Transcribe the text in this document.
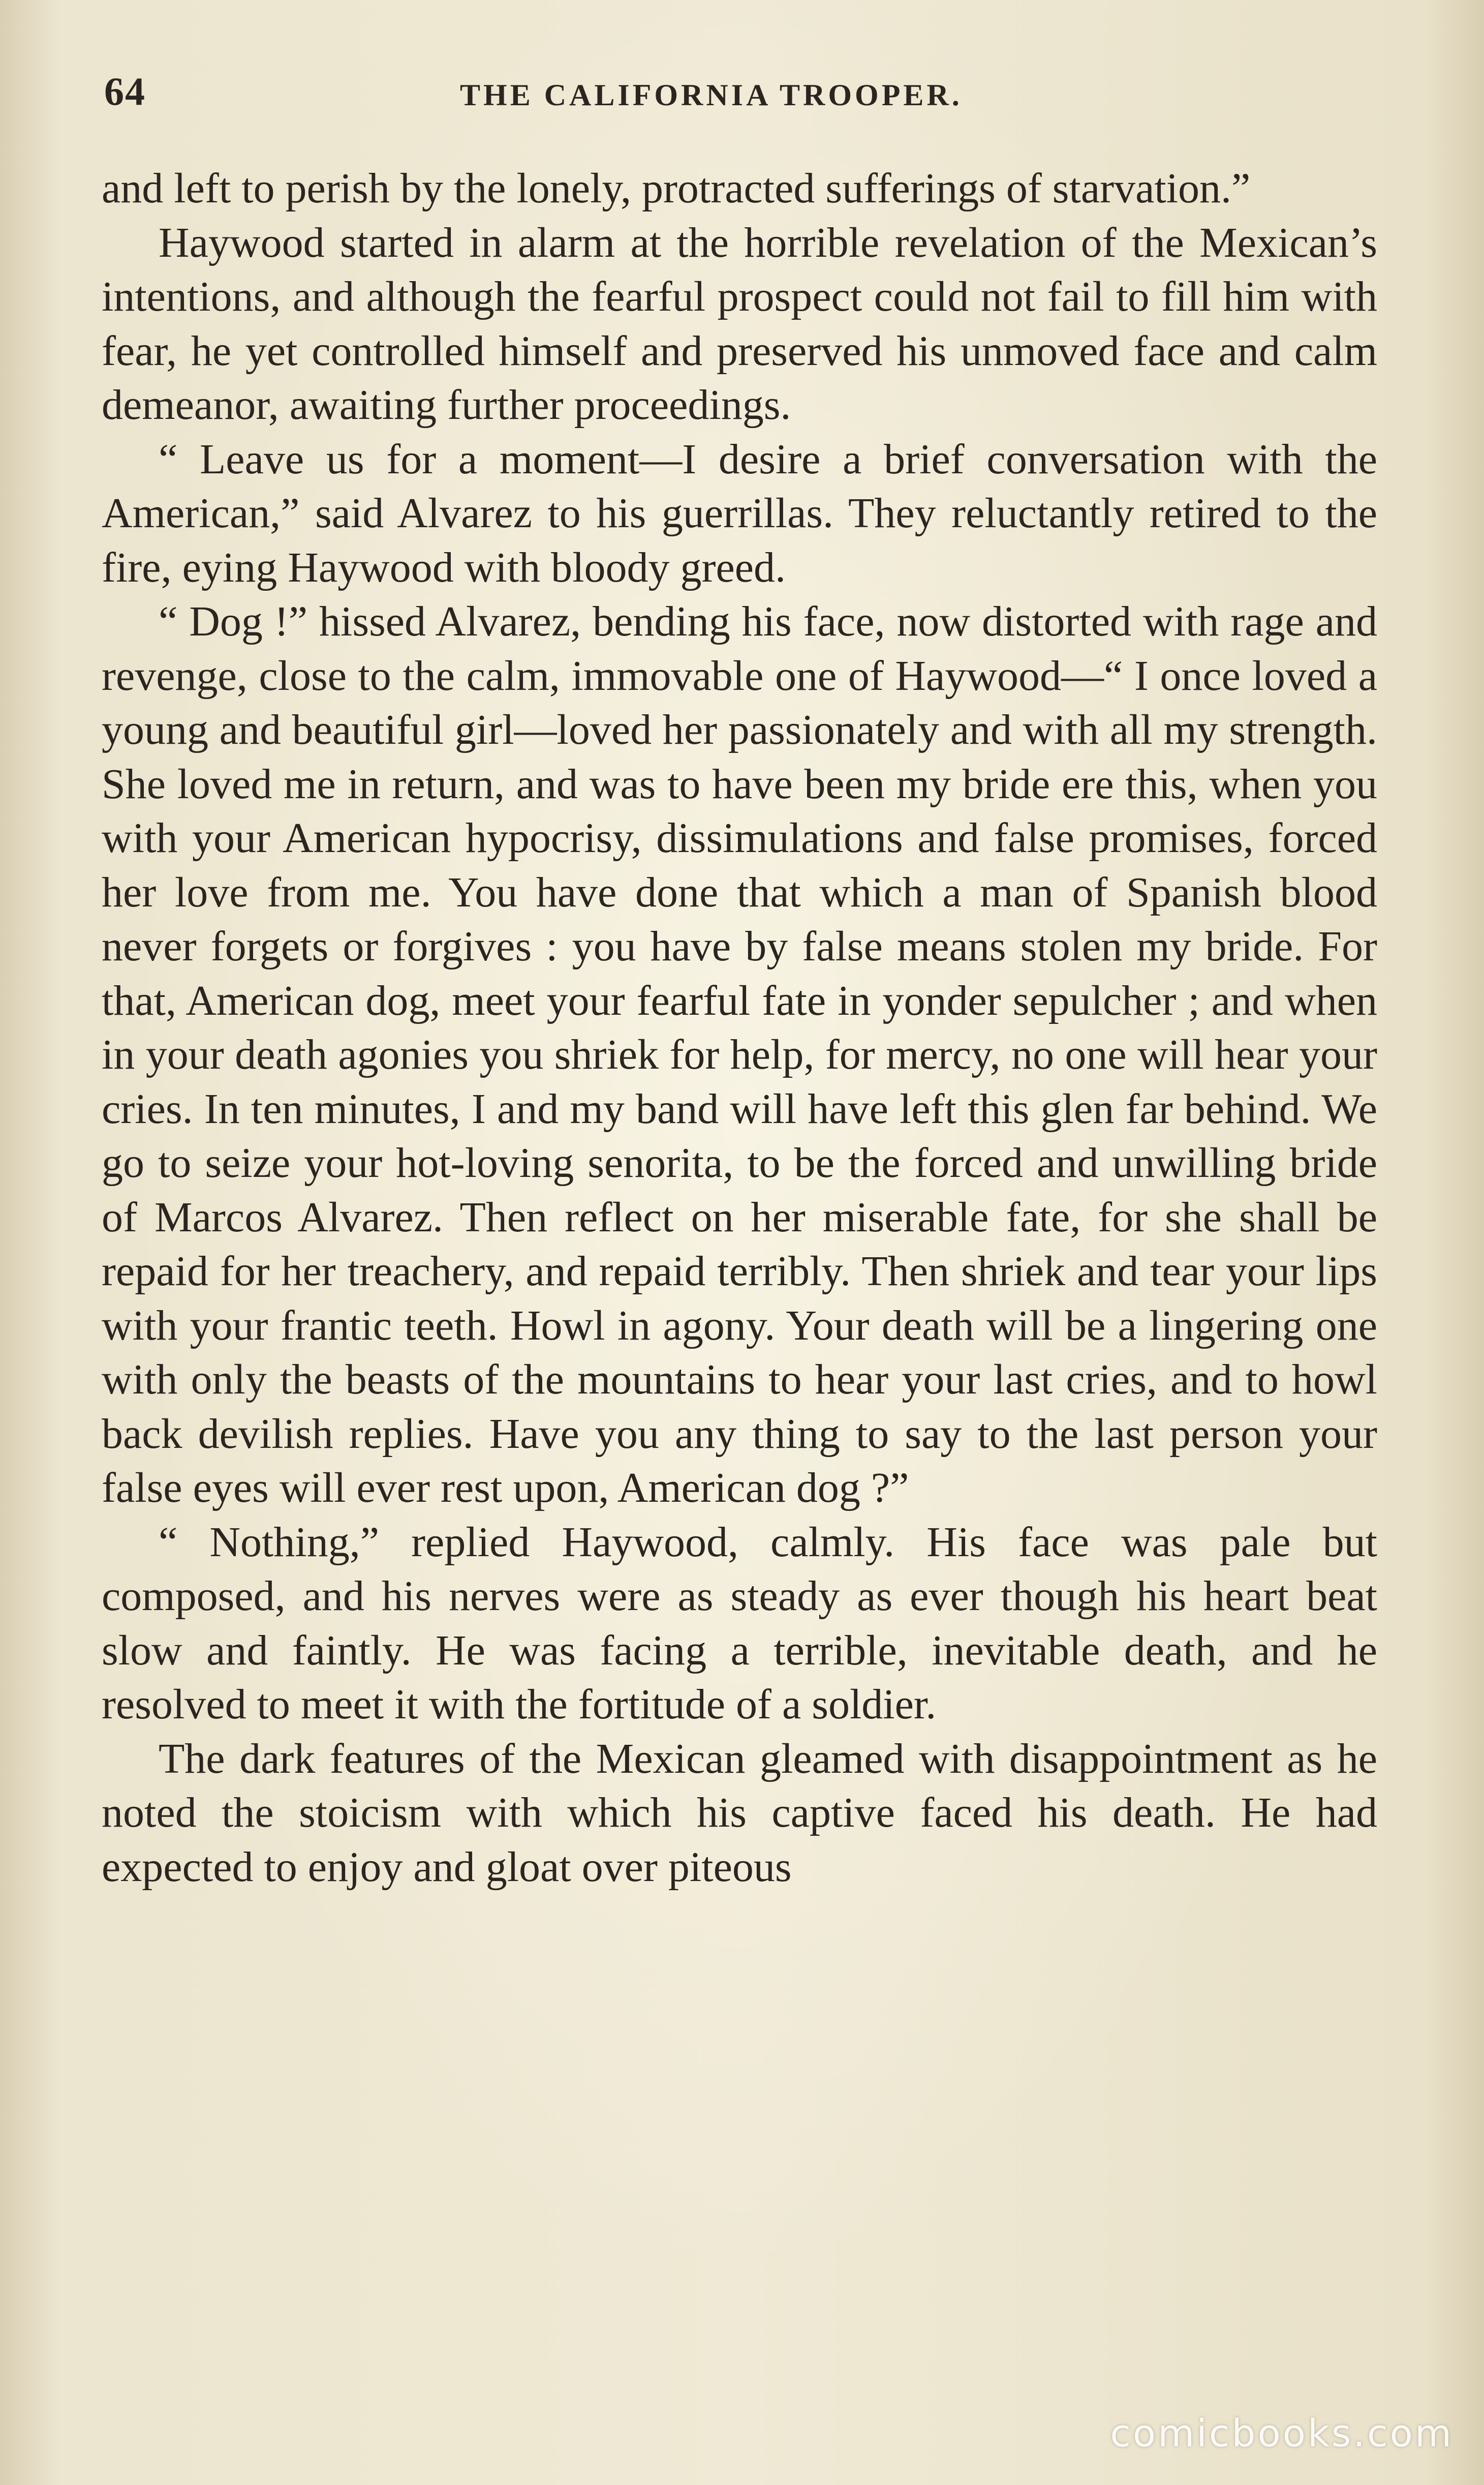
64	THE CALIFORNIA TROOPER.

and left to perish by the lonely, protracted sufferings of starvation.”

Haywood started in alarm at the horrible revelation of the Mexican’s intentions, and although the fearful prospect could not fail to fill him with fear, he yet controlled himself and preserved his unmoved face and calm demeanor, awaiting further proceedings.

“ Leave us for a moment—I desire a brief conversation with the American,” said Alvarez to his guerrillas. They reluctantly retired to the fire, eying Haywood with bloody greed.

“ Dog !” hissed Alvarez, bending his face, now distorted with rage and revenge, close to the calm, immovable one of Haywood—“ I once loved a young and beautiful girl—loved her passionately and with all my strength. She loved me in return, and was to have been my bride ere this, when you with your American hypocrisy, dissimulations and false promises, forced her love from me. You have done that which a man of Spanish blood never forgets or forgives : you have by false means stolen my bride. For that, American dog, meet your fearful fate in yonder sepulcher ; and when in your death agonies you shriek for help, for mercy, no one will hear your cries. In ten minutes, I and my band will have left this glen far behind. We go to seize your hot-loving senorita, to be the forced and unwilling bride of Marcos Alvarez. Then reflect on her miserable fate, for she shall be repaid for her treachery, and repaid terribly. Then shriek and tear your lips with your frantic teeth. Howl in agony. Your death will be a lingering one with only the beasts of the mountains to hear your last cries, and to howl back devilish replies. Have you any thing to say to the last person your false eyes will ever rest upon, American dog ?”

“ Nothing,” replied Haywood, calmly. His face was pale but composed, and his nerves were as steady as ever though his heart beat slow and faintly. He was facing a terrible, inevitable death, and he resolved to meet it with the fortitude of a soldier.

The dark features of the Mexican gleamed with disappointment as he noted the stoicism with which his captive faced his death. He had expected to enjoy and gloat over piteous

comicbooks.com
